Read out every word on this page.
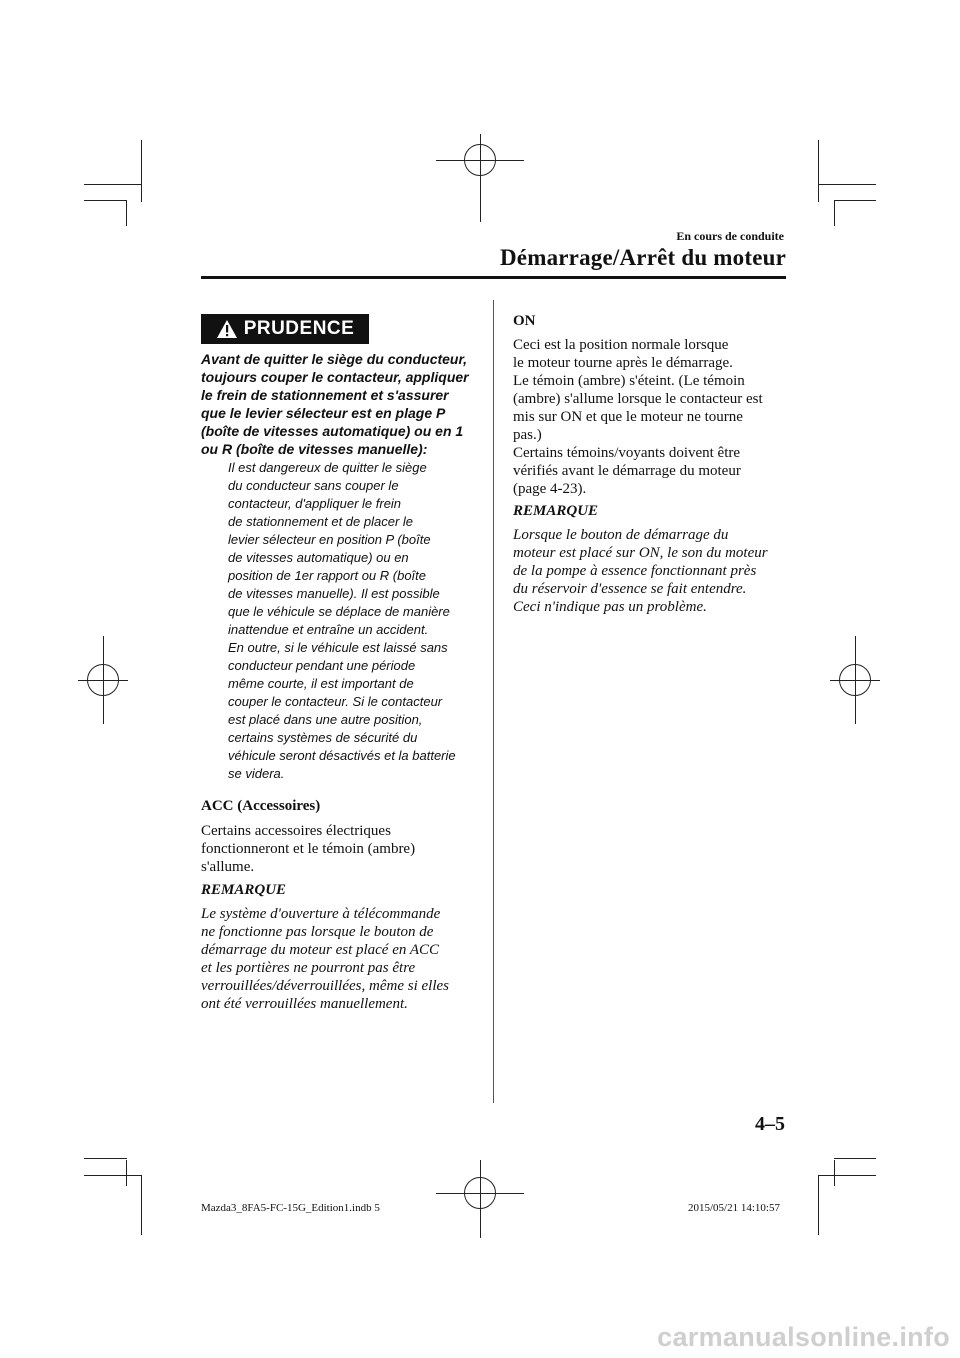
En cours de conduite
Démarrage/Arrêt du moteur
PRUDENCE
Avant de quitter le siège du conducteur,
toujours couper le contacteur, appliquer
le frein de stationnement et s'assurer
que le levier sélecteur est en plage P
(boîte de vitesses automatique) ou en 1
ou R (boîte de vitesses manuelle):
Il est dangereux de quitter le siège
du conducteur sans couper le
contacteur, d'appliquer le frein
de stationnement et de placer le
levier sélecteur en position P (boîte
de vitesses automatique) ou en
position de 1er rapport ou R (boîte
de vitesses manuelle). Il est possible
que le véhicule se déplace de manière
inattendue et entraîne un accident.
En outre, si le véhicule est laissé sans
conducteur pendant une période
même courte, il est important de
couper le contacteur. Si le contacteur
est placé dans une autre position,
certains systèmes de sécurité du
véhicule seront désactivés et la batterie
se videra.
ACC (Accessoires)
Certains accessoires électriques
fonctionneront et le témoin (ambre)
s'allume.
REMARQUE
Le système d'ouverture à télécommande
ne fonctionne pas lorsque le bouton de
démarrage du moteur est placé en ACC
et les portières ne pourront pas être
verrouillées/déverrouillées, même si elles
ont été verrouillées manuellement.
ON
Ceci est la position normale lorsque
le moteur tourne après le démarrage.
Le témoin (ambre) s'éteint. (Le témoin
(ambre) s'allume lorsque le contacteur est
mis sur ON et que le moteur ne tourne
pas.)
Certains témoins/voyants doivent être
vérifiés avant le démarrage du moteur
(page 4-23).
REMARQUE
Lorsque le bouton de démarrage du
moteur est placé sur ON, le son du moteur
de la pompe à essence fonctionnant près
du réservoir d'essence se fait entendre.
Ceci n'indique pas un problème.
4–5
Mazda3_8FA5-FC-15G_Edition1.indb 5	2015/05/21 14:10:57
carmanualsonline.info
